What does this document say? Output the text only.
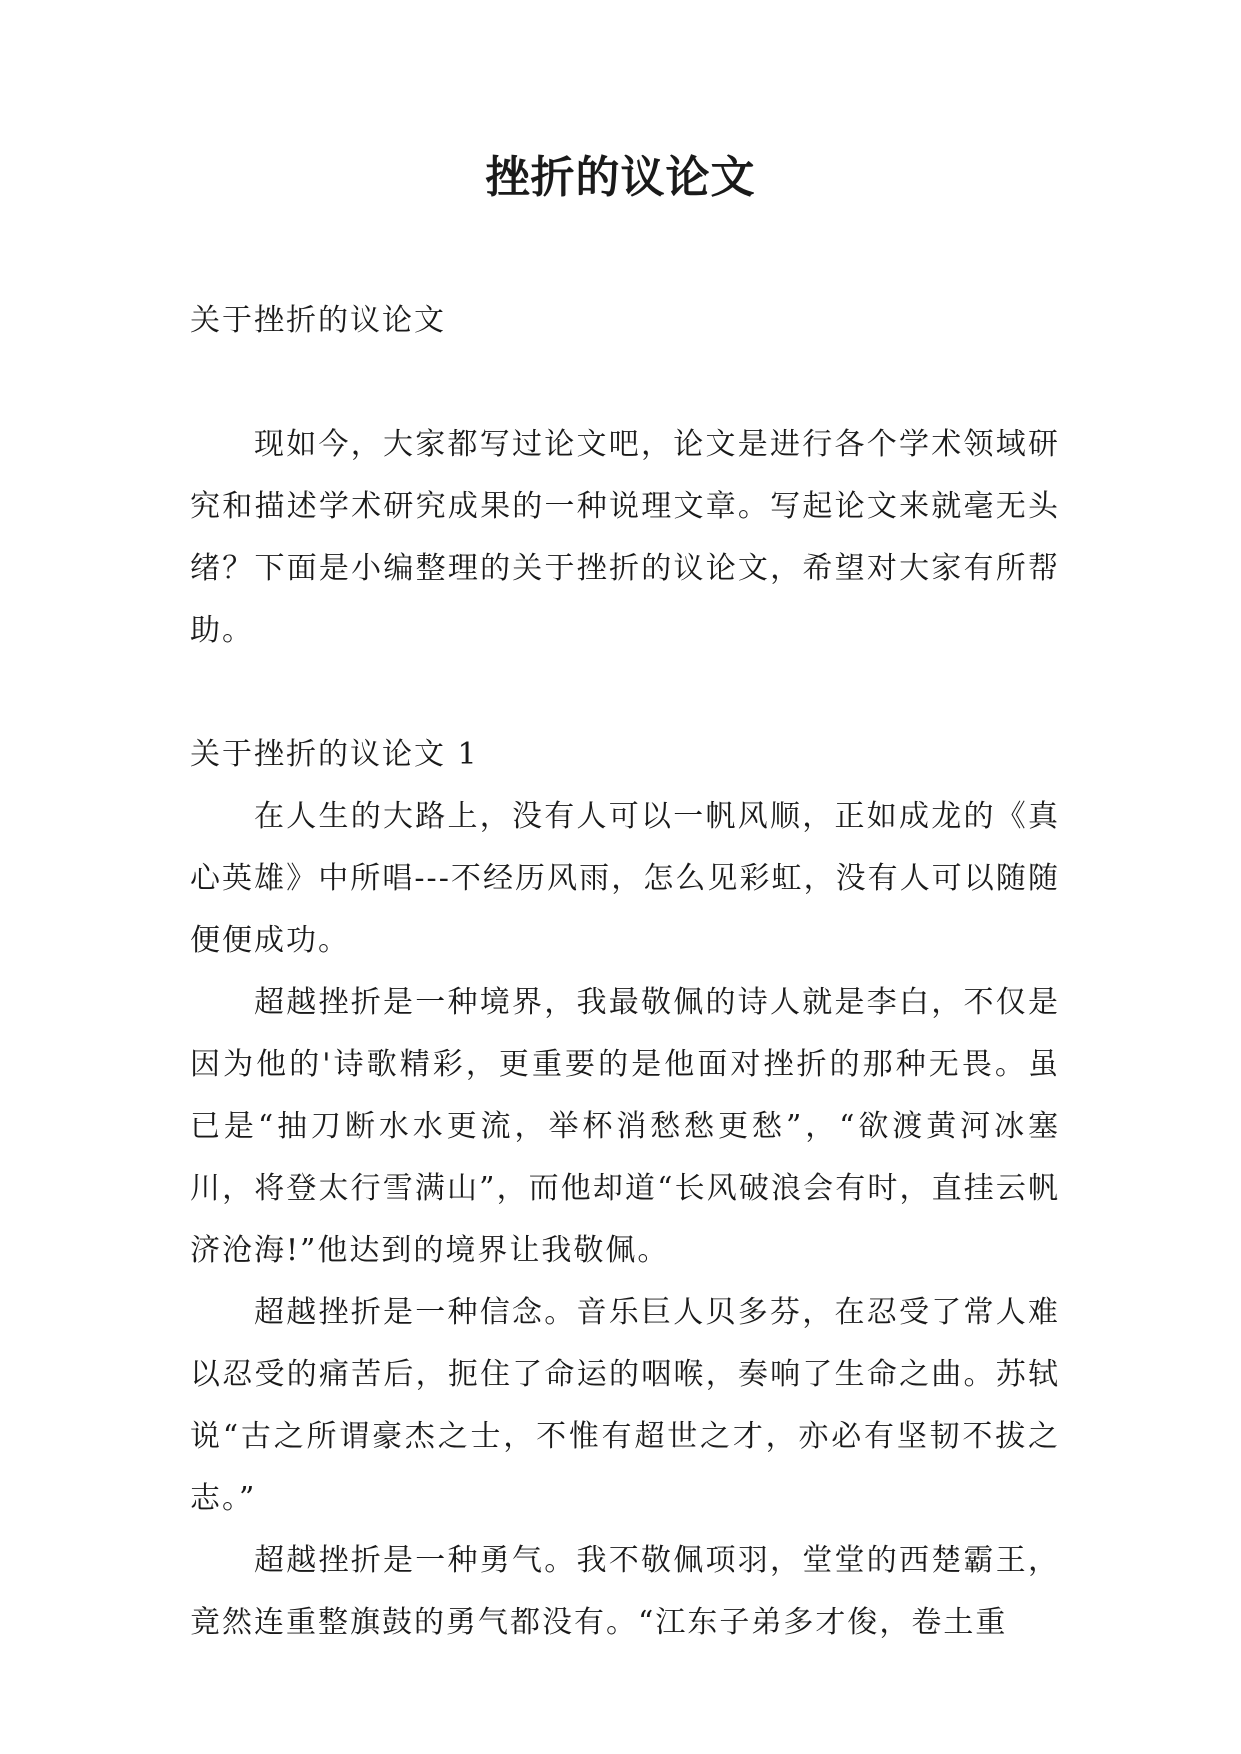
挫折的议论文

关于挫折的议论文

现如今，大家都写过论文吧，论文是进行各个学术领域研究和描述学术研究成果的一种说理文章。写起论文来就毫无头绪？下面是小编整理的关于挫折的议论文，希望对大家有所帮助。

关于挫折的议论文 1

在人生的大路上，没有人可以一帆风顺，正如成龙的《真心英雄》中所唱---不经历风雨，怎么见彩虹，没有人可以随随便便成功。

超越挫折是一种境界，我最敬佩的诗人就是李白，不仅是因为他的'诗歌精彩，更重要的是他面对挫折的那种无畏。虽已是“抽刀断水水更流，举杯消愁愁更愁”，“欲渡黄河冰塞川，将登太行雪满山”，而他却道“长风破浪会有时，直挂云帆济沧海!”他达到的境界让我敬佩。

超越挫折是一种信念。音乐巨人贝多芬，在忍受了常人难以忍受的痛苦后，扼住了命运的咽喉，奏响了生命之曲。苏轼说“古之所谓豪杰之士，不惟有超世之才，亦必有坚韧不拔之志。”

超越挫折是一种勇气。我不敬佩项羽，堂堂的西楚霸王，竟然连重整旗鼓的勇气都没有。“江东子弟多才俊，卷土重
